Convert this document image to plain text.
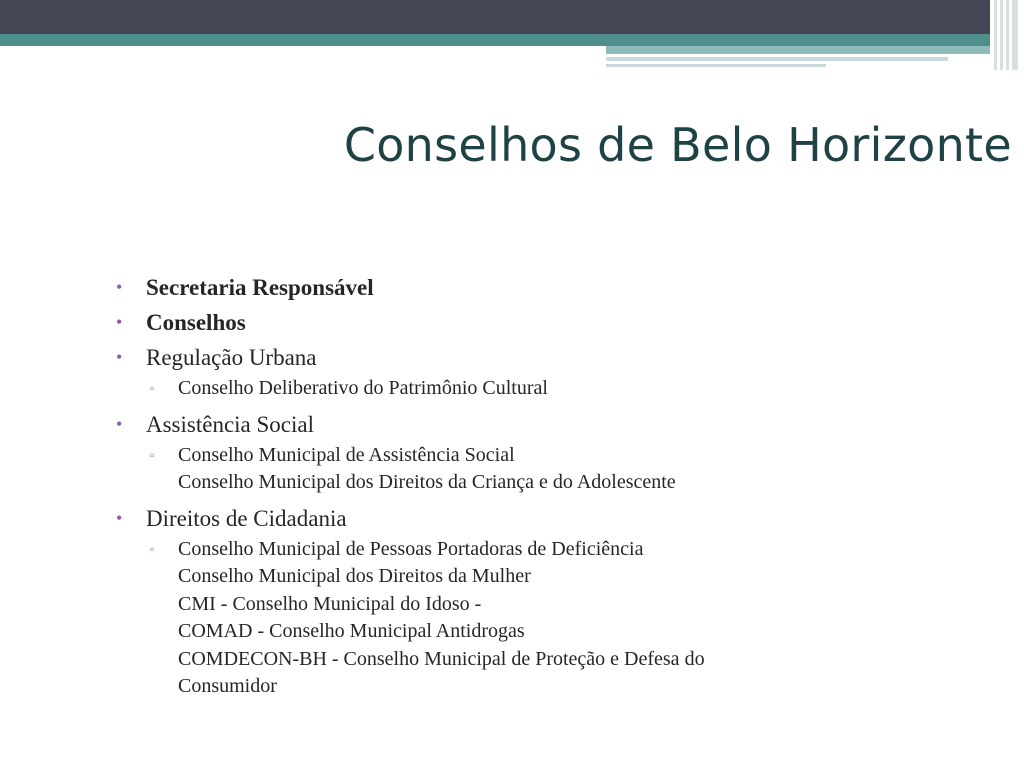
Conselhos de Belo Horizonte
• Secretaria Responsável
• Conselhos
• Regulação Urbana
▫ Conselho Deliberativo do Patrimônio Cultural
• Assistência Social
▫ Conselho Municipal de Assistência Social
Conselho Municipal dos Direitos da Criança e do Adolescente
• Direitos de Cidadania
▫ Conselho Municipal de Pessoas Portadoras de Deficiência
Conselho Municipal dos Direitos da Mulher
CMI - Conselho Municipal do Idoso -
COMAD - Conselho Municipal Antidrogas
COMDECON-BH - Conselho Municipal de Proteção e Defesa do
Consumidor
